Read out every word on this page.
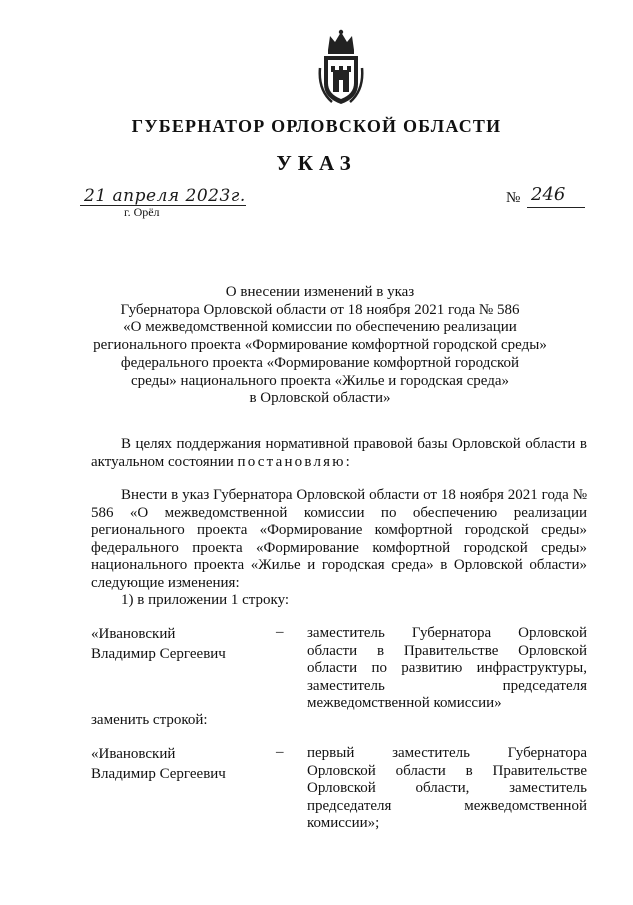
ГУБЕРНАТОР ОРЛОВСКОЙ ОБЛАСТИ
УКАЗ
21 апреля 2023г.
г. Орёл
№ 246
О внесении изменений в указ
Губернатора Орловской области от 18 ноября 2021 года № 586
«О межведомственной комиссии по обеспечению реализации
регионального проекта «Формирование комфортной городской среды»
федерального проекта «Формирование комфортной городской
среды» национального проекта «Жилье и городская среда»
в Орловской области»
В целях поддержания нормативной правовой базы Орловской области в актуальном состоянии постановляю:
Внести в указ Губернатора Орловской области от 18 ноября 2021 года № 586 «О межведомственной комиссии по обеспечению реализации регионального проекта «Формирование комфортной городской среды» федерального проекта «Формирование комфортной городской среды» национального проекта «Жилье и городская среда» в Орловской области» следующие изменения:
1) в приложении 1 строку:
«Ивановский
Владимир Сергеевич
– заместитель Губернатора Орловской области в Правительстве Орловской области по развитию инфраструктуры, заместитель председателя межведомственной комиссии»
заменить строкой:
«Ивановский
Владимир Сергеевич
– первый заместитель Губернатора Орловской области в Правительстве Орловской области, заместитель председателя межведомственной комиссии»;
